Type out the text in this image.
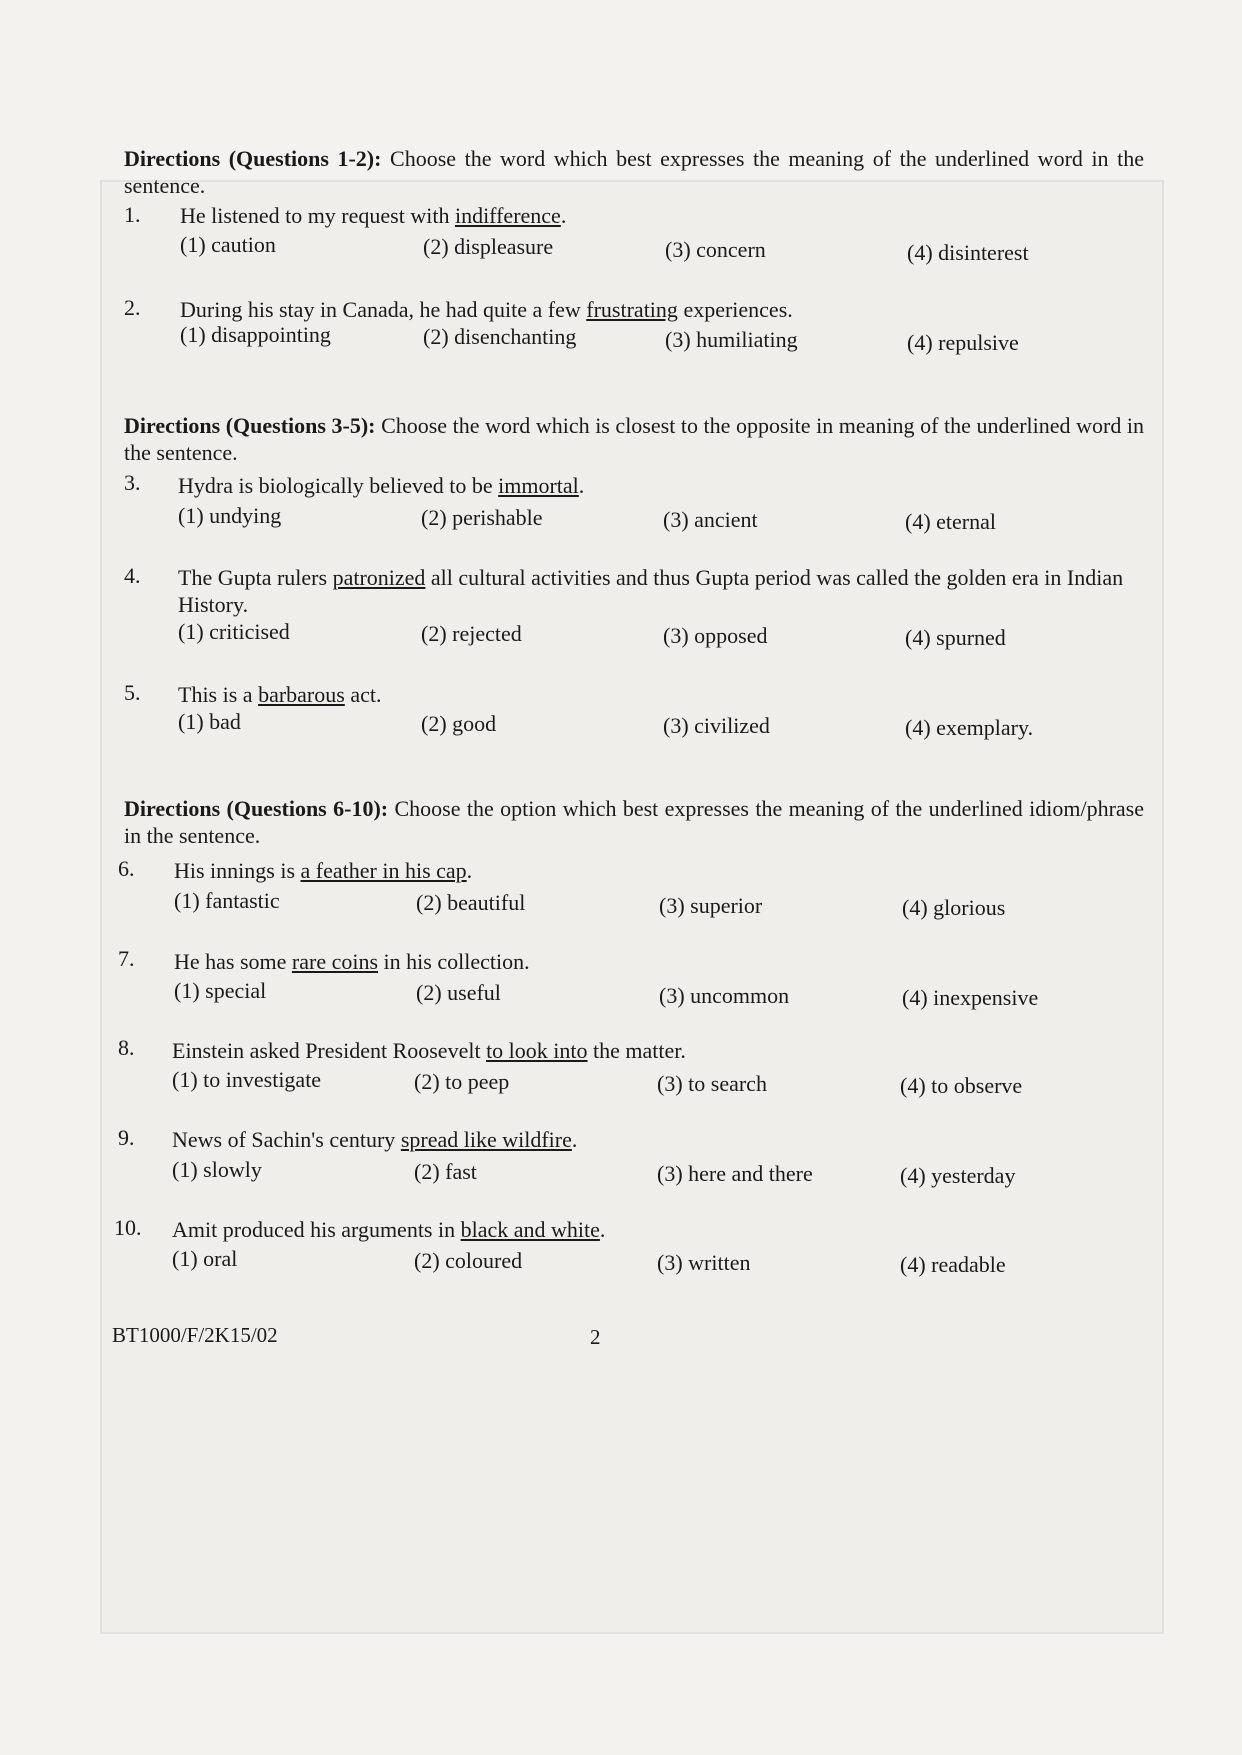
Directions (Questions 1-2): Choose the word which best expresses the meaning of the underlined word in the sentence.
1. He listened to my request with indifference.
(1) caution	(2) displeasure	(3) concern	(4) disinterest
2. During his stay in Canada, he had quite a few frustrating experiences.
(1) disappointing	(2) disenchanting	(3) humiliating	(4) repulsive
Directions (Questions 3-5): Choose the word which is closest to the opposite in meaning of the underlined word in the sentence.
3. Hydra is biologically believed to be immortal.
(1) undying	(2) perishable	(3) ancient	(4) eternal
4. The Gupta rulers patronized all cultural activities and thus Gupta period was called the golden era in Indian History.
(1) criticised	(2) rejected	(3) opposed	(4) spurned
5. This is a barbarous act.
(1) bad	(2) good	(3) civilized	(4) exemplary.
Directions (Questions 6-10): Choose the option which best expresses the meaning of the underlined idiom/phrase in the sentence.
6. His innings is a feather in his cap.
(1) fantastic	(2) beautiful	(3) superior	(4) glorious
7. He has some rare coins in his collection.
(1) special	(2) useful	(3) uncommon	(4) inexpensive
8. Einstein asked President Roosevelt to look into the matter.
(1) to investigate	(2) to peep	(3) to search	(4) to observe
9. News of Sachin's century spread like wildfire.
(1) slowly	(2) fast	(3) here and there	(4) yesterday
10. Amit produced his arguments in black and white.
(1) oral	(2) coloured	(3) written	(4) readable
BT1000/F/2K15/02	2
